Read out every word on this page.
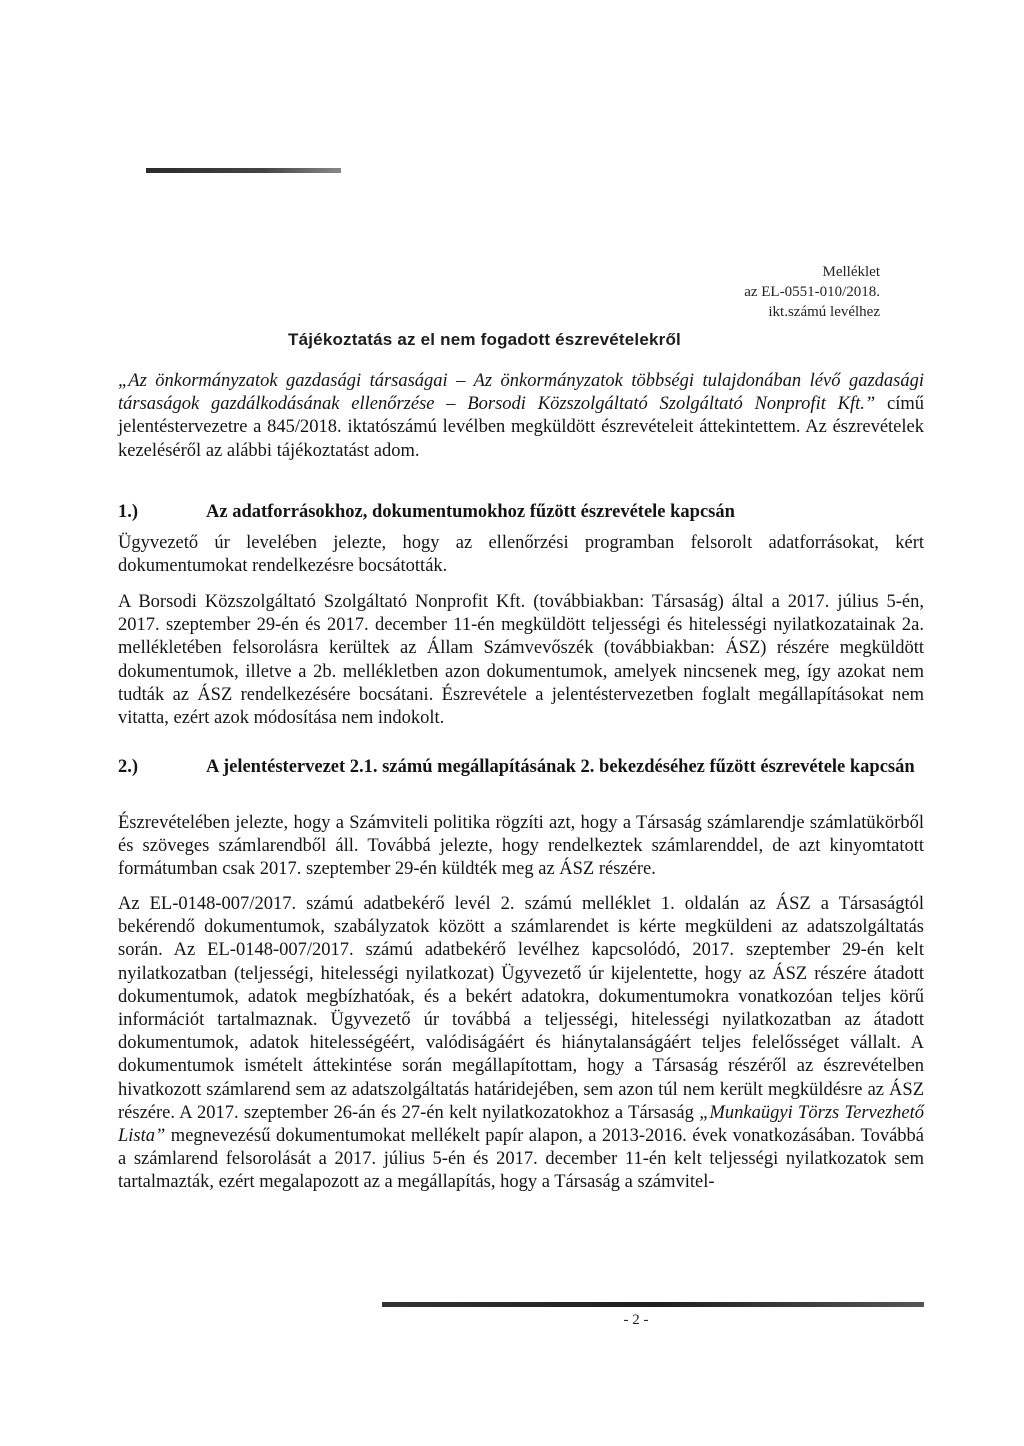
Melléklet
az EL-0551-010/2018.
ikt.számú levélhez
Tájékoztatás az el nem fogadott észrevételekről
„Az önkormányzatok gazdasági társaságai – Az önkormányzatok többségi tulajdonában lévő gazdasági társaságok gazdálkodásának ellenőrzése – Borsodi Közszolgáltató Szolgáltató Nonprofit Kft.” című jelentéstervezetre a 845/2018. iktatószámú levélben megküldött észrevételeit áttekintettem. Az észrevételek kezeléséről az alábbi tájékoztatást adom.
1.)	Az adatforrásokhoz, dokumentumokhoz fűzött észrevétele kapcsán
Ügyvezető úr levelében jelezte, hogy az ellenőrzési programban felsorolt adatforrásokat, kért dokumentumokat rendelkezésre bocsátották.
A Borsodi Közszolgáltató Szolgáltató Nonprofit Kft. (továbbiakban: Társaság) által a 2017. július 5-én, 2017. szeptember 29-én és 2017. december 11-én megküldött teljességi és hitelességi nyilatkozatainak 2a. mellékletében felsorolásra kerültek az Állam Számvevőszék (továbbiakban: ÁSZ) részére megküldött dokumentumok, illetve a 2b. mellékletben azon dokumentumok, amelyek nincsenek meg, így azokat nem tudták az ÁSZ rendelkezésére bocsátani. Észrevétele a jelentéstervezetben foglalt megállapításokat nem vitatta, ezért azok módosítása nem indokolt.
2.)	A jelentéstervezet 2.1. számú megállapításának 2. bekezdéséhez fűzött észrevétele kapcsán
Észrevételében jelezte, hogy a Számviteli politika rögzíti azt, hogy a Társaság számlarendje számlatükörből és szöveges számlarendből áll. Továbbá jelezte, hogy rendelkeztek számlarenddel, de azt kinyomtatott formátumban csak 2017. szeptember 29-én küldték meg az ÁSZ részére.
Az EL-0148-007/2017. számú adatbekérő levél 2. számú melléklet 1. oldalán az ÁSZ a Társaságtól bekérendő dokumentumok, szabályzatok között a számlarendet is kérte megküldeni az adatszolgáltatás során. Az EL-0148-007/2017. számú adatbekérő levélhez kapcsolódó, 2017. szeptember 29-én kelt nyilatkozatban (teljességi, hitelességi nyilatkozat) Ügyvezető úr kijelentette, hogy az ÁSZ részére átadott dokumentumok, adatok megbízhatóak, és a bekért adatokra, dokumentumokra vonatkozóan teljes körű információt tartalmaznak. Ügyvezető úr továbbá a teljességi, hitelességi nyilatkozatban az átadott dokumentumok, adatok hitelességéért, valódiságáért és hiánytalanságáért teljes felelősséget vállalt. A dokumentumok ismételt áttekintése során megállapítottam, hogy a Társaság részéről az észrevételben hivatkozott számlarend sem az adatszolgáltatás határidejében, sem azon túl nem került megküldésre az ÁSZ részére. A 2017. szeptember 26-án és 27-én kelt nyilatkozatokhoz a Társaság „Munkaügyi Törzs Tervezhető Lista” megnevezésű dokumentumokat mellékelt papír alapon, a 2013-2016. évek vonatkozásában. Továbbá a számlarend felsorolását a 2017. július 5-én és 2017. december 11-én kelt teljességi nyilatkozatok sem tartalmazták, ezért megalapozott az a megállapítás, hogy a Társaság a számvitel-
- 2 -
